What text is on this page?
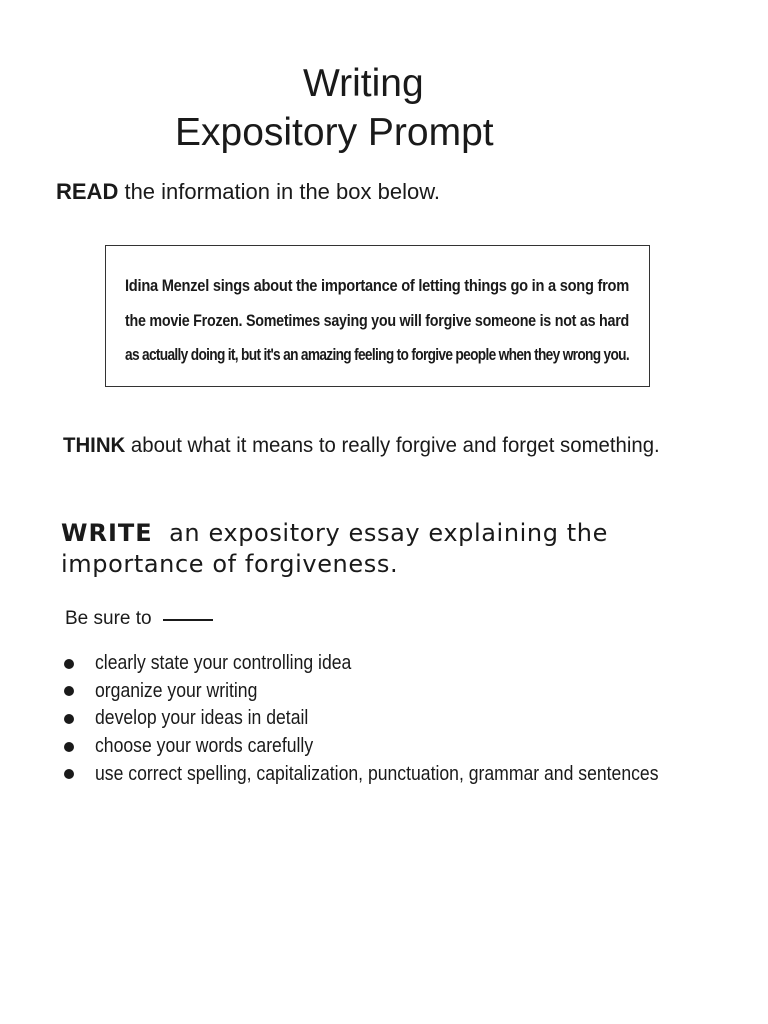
Writing
Expository Prompt
READ the information in the box below.
Idina Menzel sings about the importance of letting things go in a song from
the movie Frozen. Sometimes saying you will forgive someone is not as hard
as actually doing it, but it's an amazing feeling to forgive people when they wrong you.
THINK about what it means to really forgive and forget something.
WRITE  an expository essay explaining the importance of forgiveness.
Be sure to
clearly state your controlling idea
organize your writing
develop your ideas in detail
choose your words carefully
use correct spelling, capitalization, punctuation, grammar and sentences
